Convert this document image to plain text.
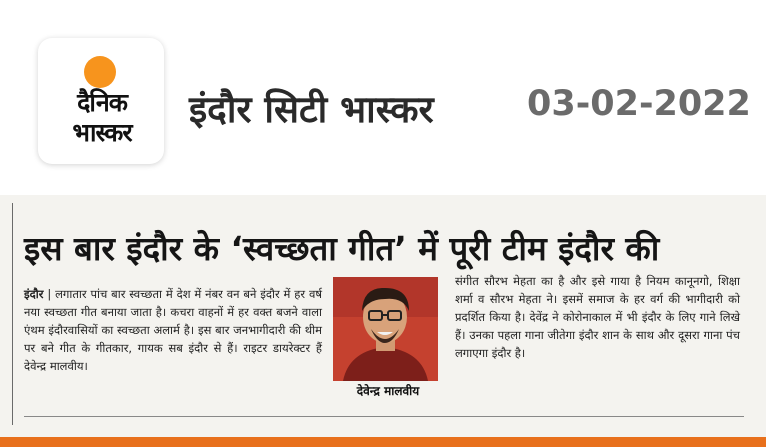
दैनिक
भास्कर
इंदौर सिटी भास्कर	03-02-2022
इस बार इंदौर के ‘स्वच्छता गीत’ में पूरी टीम इंदौर की
इंदौर | लगातार पांच बार स्वच्छता में देश में नंबर वन बने इंदौर में हर वर्ष नया स्वच्छता गीत बनाया जाता है। कचरा वाहनों में हर वक्त बजने वाला एंथम इंदौरवासियों का स्वच्छता अलार्म है। इस बार जनभागीदारी की थीम पर बने गीत के गीतकार, गायक सब इंदौर से हैं। राइटर डायरेक्टर हैं देवेन्द्र मालवीय।
देवेन्द्र मालवीय
संगीत सौरभ मेहता का है और इसे गाया है नियम कानूनगो, शिक्षा शर्मा व सौरभ मेहता ने। इसमें समाज के हर वर्ग की भागीदारी को प्रदर्शित किया है। देवेंद्र ने कोरोनाकाल में भी इंदौर के लिए गाने लिखे हैं। उनका पहला गाना जीतेगा इंदौर शान के साथ और दूसरा गाना पंच लगाएगा इंदौर है।
